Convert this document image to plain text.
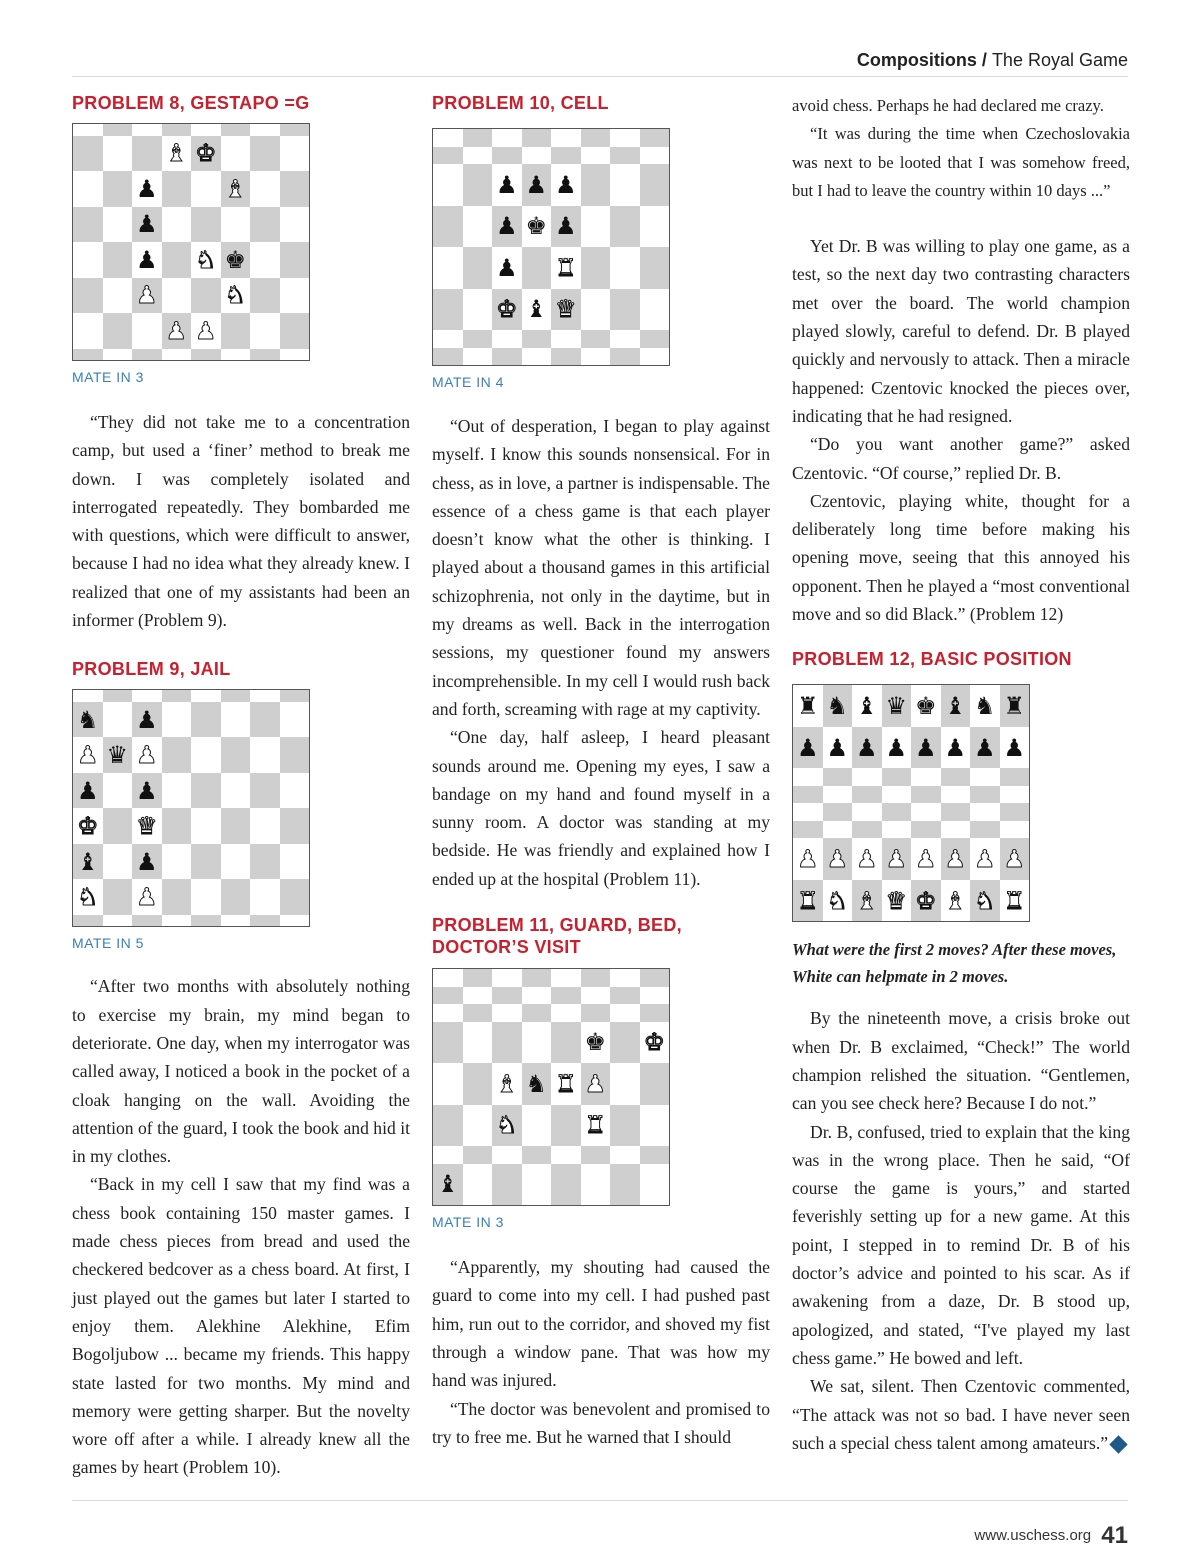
Compositions / The Royal Game
PROBLEM 8, GESTAPO =G
♝ ♚
♟	♝
♟
♟ ♞ ♚
♟	♞
♟ ♟
MATE IN 3

“They did not take me to a concentration camp, but used a ‘finer’ method to break me down. I was completely isolated and interrogated repeatedly. They bombarded me with questions, which were difficult to answer, because I had no idea what they already knew. I realized that one of my assistants had been an informer (Problem 9).

PROBLEM 9, JAIL
♞ ♟
♟ ♛ ♟
♟ ♟
♚ ♛
♝ ♟
♞ ♟
MATE IN 5

“After two months with absolutely nothing to exercise my brain, my mind began to deteriorate. One day, when my interrogator was called away, I noticed a book in the pocket of a cloak hanging on the wall. Avoiding the attention of the guard, I took the book and hid it in my clothes.

“Back in my cell I saw that my find was a chess book containing 150 master games. I made chess pieces from bread and used the checkered bedcover as a chess board. At first, I just played out the games but later I started to enjoy them. Alekhine Alekhine, Efim Bogoljubow ... became my friends. This happy state lasted for two months. My mind and memory were getting sharper. But the novelty wore off after a while. I already knew all the games by heart (Problem 10).

PROBLEM 10, CELL
♟ ♟ ♟
♟ ♚ ♟
♟ ♜
♚ ♝ ♛
MATE IN 4

“Out of desperation, I began to play against myself. I know this sounds nonsensical. For in chess, as in love, a partner is indispensable. The essence of a chess game is that each player doesn’t know what the other is thinking. I played about a thousand games in this artificial schizophrenia, not only in the daytime, but in my dreams as well. Back in the interrogation sessions, my questioner found my answers incomprehensible. In my cell I would rush back and forth, screaming with rage at my captivity.

“One day, half asleep, I heard pleasant sounds around me. Opening my eyes, I saw a bandage on my hand and found myself in a sunny room. A doctor was standing at my bedside. He was friendly and explained how I ended up at the hospital (Problem 11).

PROBLEM 11, GUARD, BED, DOCTOR’S VISIT
♚ ♚
♝ ♞ ♜ ♟
♞	♜
♝
MATE IN 3

“Apparently, my shouting had caused the guard to come into my cell. I had pushed past him, run out to the corridor, and shoved my fist through a window pane. That was how my hand was injured.

“The doctor was benevolent and promised to try to free me. But he warned that I should

avoid chess. Perhaps he had declared me crazy.

“It was during the time when Czechoslovakia was next to be looted that I was somehow freed, but I had to leave the country within 10 days ...”

Yet Dr. B was willing to play one game, as a test, so the next day two contrasting characters met over the board. The world champion played slowly, careful to defend. Dr. B played quickly and nervously to attack. Then a miracle happened: Czentovic knocked the pieces over, indicating that he had resigned.

“Do you want another game?” asked Czentovic. “Of course,” replied Dr. B.

Czentovic, playing white, thought for a deliberately long time before making his opening move, seeing that this annoyed his opponent. Then he played a “most conventional move and so did Black.” (Problem 12)

PROBLEM 12, BASIC POSITION
♜ ♞ ♝ ♛ ♚ ♝ ♞ ♜
♟ ♟ ♟ ♟ ♟ ♟ ♟ ♟
♟ ♟ ♟ ♟ ♟ ♟ ♟ ♟
♜ ♞ ♝ ♛ ♚ ♝ ♞ ♜

What were the first 2 moves? After these moves, White can helpmate in 2 moves.

By the nineteenth move, a crisis broke out when Dr. B exclaimed, “Check!” The world champion relished the situation. “Gentlemen, can you see check here? Because I do not.”

Dr. B, confused, tried to explain that the king was in the wrong place. Then he said, “Of course the game is yours,” and started feverishly setting up for a new game. At this point, I stepped in to remind Dr. B of his doctor’s advice and pointed to his scar. As if awakening from a daze, Dr. B stood up, apologized, and stated, “I've played my last chess game.” He bowed and left.

We sat, silent. Then Czentovic commented, “The attack was not so bad. I have never seen such a special chess talent among amateurs.”

www.uschess.org 41
